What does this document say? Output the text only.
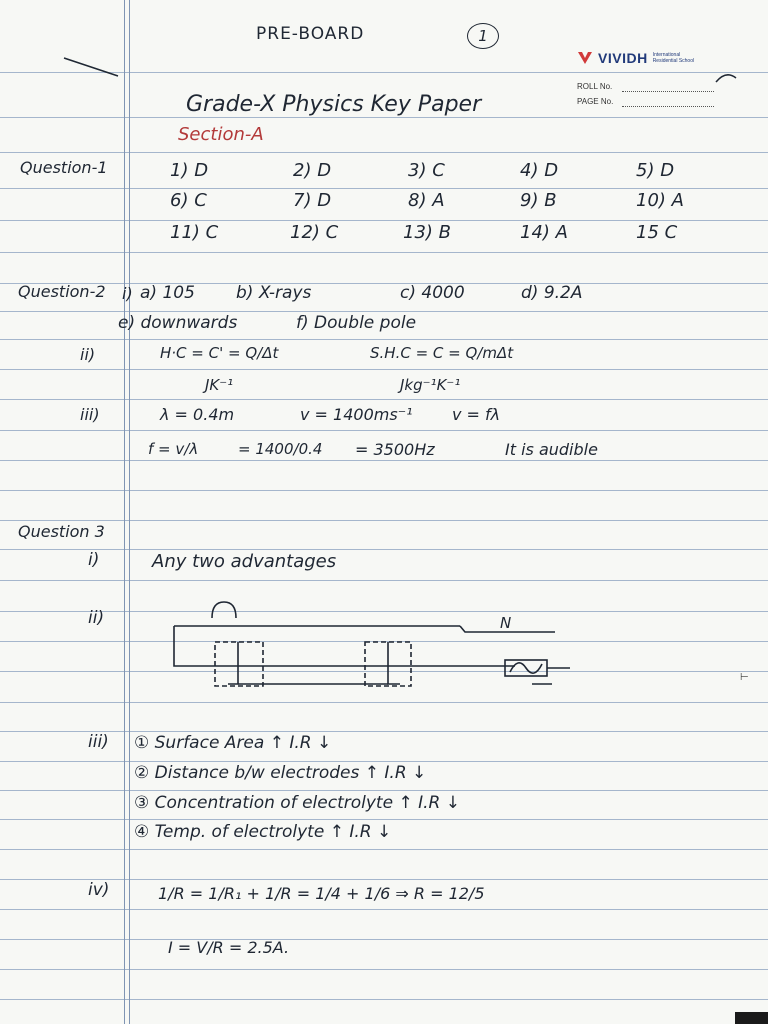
PRE-BOARD	1
VIVIDH International Residential School
ROLL No.
PAGE No.
Grade-X Physics Key Paper
Section-A
Question-1	1) D	2) D	3) C	4) D	5) D
6) C	7) D	8) A	9) B	10) A
11) C	12) C	13) B	14) A	15 C
Question-2 i) a) 105 b) X-rays	c) 4000	d) 9.2A
e) downwards	f) Double pole
ii)	H·C = C' = Q/Δt	S.H.C = C = Q/mΔt
JK⁻¹	Jkg⁻¹K⁻¹
iii)	λ = 0.4m	v = 1400ms⁻¹ v = fλ
f = v/λ	= 1400/0.4 = 3500Hz	It is audible
Question 3
i)	Any two advantages
ii)	N
iii) ① Surface Area ↑ I.R ↓
② Distance b/w electrodes ↑ I.R ↓
③ Concentration of electrolyte ↑ I.R ↓
④ Temp. of electrolyte ↑ I.R ↓
iv)	1/R = 1/R₁ + 1/R = 1/4 + 1/6 ⇒ R = 12/5
I = V/R = 2.5A.
⊢
